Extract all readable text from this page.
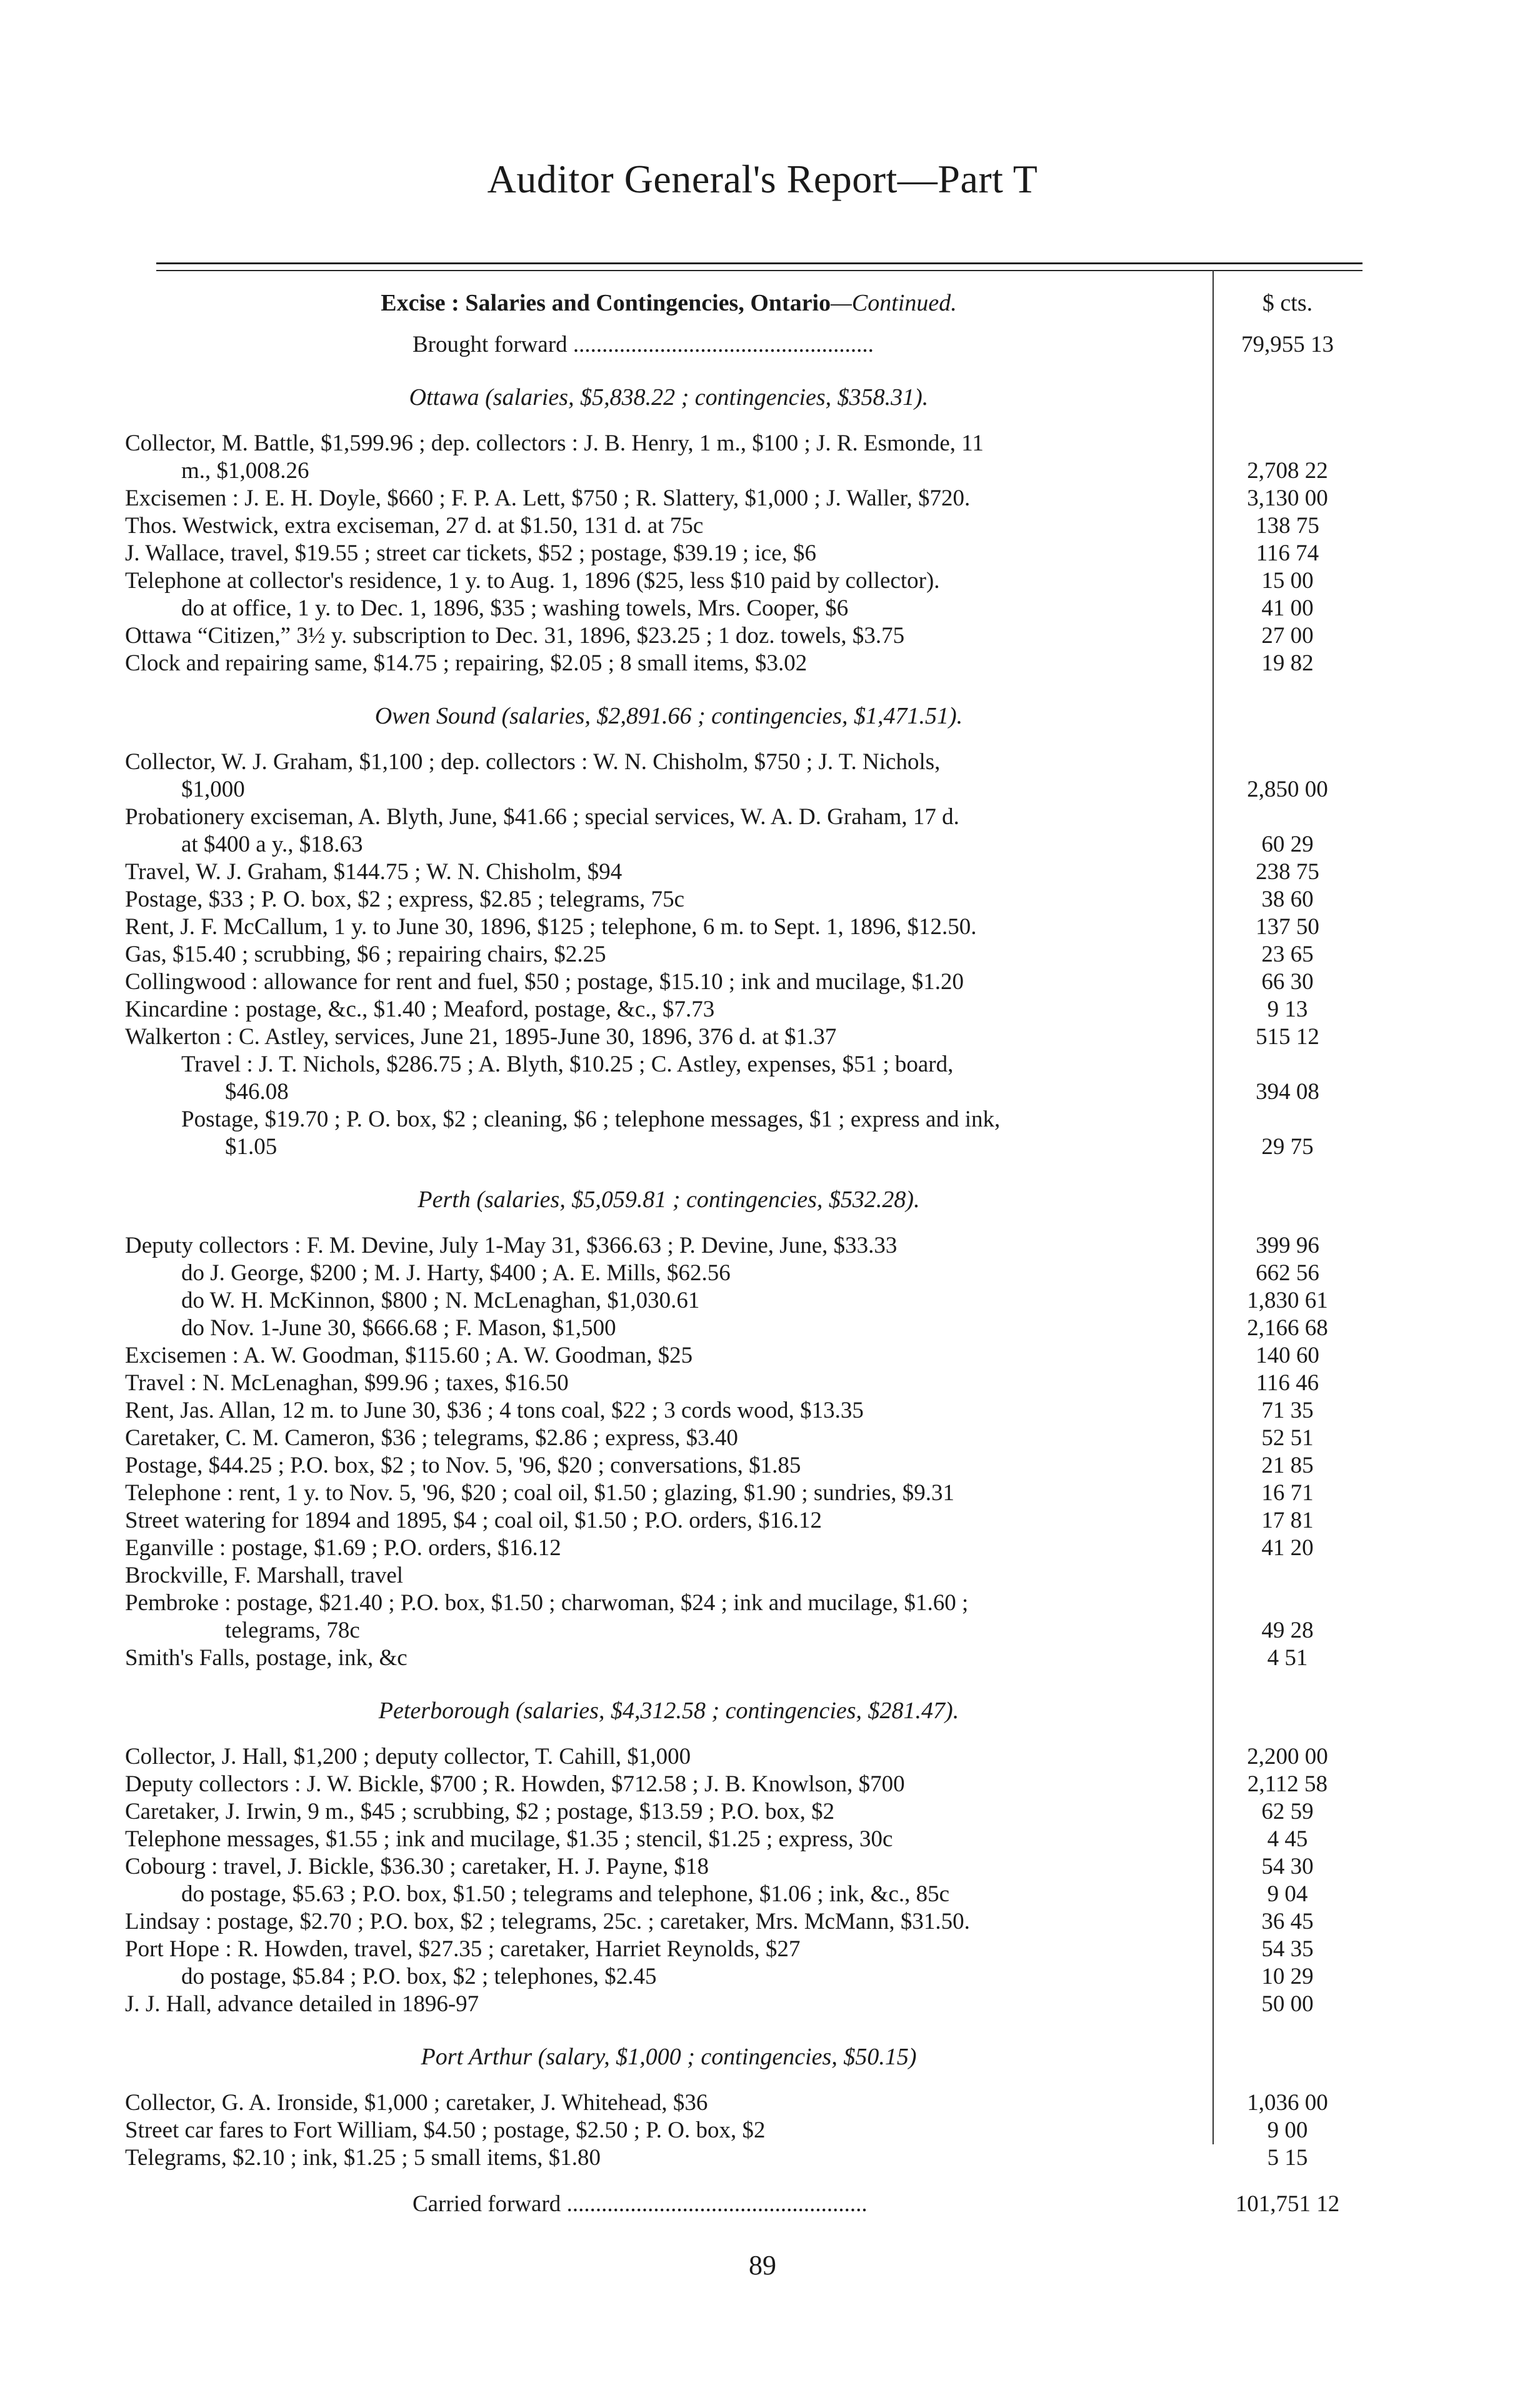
Auditor General's Report—Part T
Excise : Salaries and Contingencies, Ontario—Continued.	$ cts.
Brought forward ....................................................	79,955 13
Ottawa (salaries, $5,838.22 ; contingencies, $358.31).
Collector, M. Battle, $1,599.96 ; dep. collectors : J. B. Henry, 1 m., $100 ; J. R. Esmonde, 11
m., $1,008.26	2,708 22
Excisemen : J. E. H. Doyle, $660 ; F. P. A. Lett, $750 ; R. Slattery, $1,000 ; J. Waller, $720.	3,130 00
Thos. Westwick, extra exciseman, 27 d. at $1.50, 131 d. at 75c	138 75
J. Wallace, travel, $19.55 ; street car tickets, $52 ; postage, $39.19 ; ice, $6	116 74
Telephone at collector's residence, 1 y. to Aug. 1, 1896 ($25, less $10 paid by collector).	15 00
do at office, 1 y. to Dec. 1, 1896, $35 ; washing towels, Mrs. Cooper, $6	41 00
Ottawa “Citizen,” 3½ y. subscription to Dec. 31, 1896, $23.25 ; 1 doz. towels, $3.75	27 00
Clock and repairing same, $14.75 ; repairing, $2.05 ; 8 small items, $3.02	19 82
Owen Sound (salaries, $2,891.66 ; contingencies, $1,471.51).
Collector, W. J. Graham, $1,100 ; dep. collectors : W. N. Chisholm, $750 ; J. T. Nichols,
$1,000	2,850 00
Probationery exciseman, A. Blyth, June, $41.66 ; special services, W. A. D. Graham, 17 d.
at $400 a y., $18.63	60 29
Travel, W. J. Graham, $144.75 ; W. N. Chisholm, $94	238 75
Postage, $33 ; P. O. box, $2 ; express, $2.85 ; telegrams, 75c	38 60
Rent, J. F. McCallum, 1 y. to June 30, 1896, $125 ; telephone, 6 m. to Sept. 1, 1896, $12.50.	137 50
Gas, $15.40 ; scrubbing, $6 ; repairing chairs, $2.25	23 65
Collingwood : allowance for rent and fuel, $50 ; postage, $15.10 ; ink and mucilage, $1.20	66 30
Kincardine : postage, &c., $1.40 ; Meaford, postage, &c., $7.73	9 13
Walkerton : C. Astley, services, June 21, 1895-June 30, 1896, 376 d. at $1.37	515 12
Travel : J. T. Nichols, $286.75 ; A. Blyth, $10.25 ; C. Astley, expenses, $51 ; board,
$46.08	394 08
Postage, $19.70 ; P. O. box, $2 ; cleaning, $6 ; telephone messages, $1 ; express and ink,
$1.05	29 75
Perth (salaries, $5,059.81 ; contingencies, $532.28).
Deputy collectors : F. M. Devine, July 1-May 31, $366.63 ; P. Devine, June, $33.33	399 96
do J. George, $200 ; M. J. Harty, $400 ; A. E. Mills, $62.56	662 56
do W. H. McKinnon, $800 ; N. McLenaghan, $1,030.61	1,830 61
do Nov. 1-June 30, $666.68 ; F. Mason, $1,500	2,166 68
Excisemen : A. W. Goodman, $115.60 ; A. W. Goodman, $25	140 60
Travel : N. McLenaghan, $99.96 ; taxes, $16.50	116 46
Rent, Jas. Allan, 12 m. to June 30, $36 ; 4 tons coal, $22 ; 3 cords wood, $13.35	71 35
Caretaker, C. M. Cameron, $36 ; telegrams, $2.86 ; express, $3.40	52 51
Postage, $44.25 ; P.O. box, $2 ; to Nov. 5, '96, $20 ; conversations, $1.85	21 85
Telephone : rent, 1 y. to Nov. 5, '96, $20 ; coal oil, $1.50 ; glazing, $1.90 ; sundries, $9.31	16 71
Street watering for 1894 and 1895, $4 ; coal oil, $1.50 ; P.O. orders, $16.12	17 81
Eganville : postage, $1.69 ; P.O. orders, $16.12	41 20
Brockville, F. Marshall, travel
Pembroke : postage, $21.40 ; P.O. box, $1.50 ; charwoman, $24 ; ink and mucilage, $1.60 ;
telegrams, 78c	49 28
Smith's Falls, postage, ink, &c	4 51
Peterborough (salaries, $4,312.58 ; contingencies, $281.47).
Collector, J. Hall, $1,200 ; deputy collector, T. Cahill, $1,000	2,200 00
Deputy collectors : J. W. Bickle, $700 ; R. Howden, $712.58 ; J. B. Knowlson, $700	2,112 58
Caretaker, J. Irwin, 9 m., $45 ; scrubbing, $2 ; postage, $13.59 ; P.O. box, $2	62 59
Telephone messages, $1.55 ; ink and mucilage, $1.35 ; stencil, $1.25 ; express, 30c	4 45
Cobourg : travel, J. Bickle, $36.30 ; caretaker, H. J. Payne, $18	54 30
do postage, $5.63 ; P.O. box, $1.50 ; telegrams and telephone, $1.06 ; ink, &c., 85c	9 04
Lindsay : postage, $2.70 ; P.O. box, $2 ; telegrams, 25c. ; caretaker, Mrs. McMann, $31.50.	36 45
Port Hope : R. Howden, travel, $27.35 ; caretaker, Harriet Reynolds, $27	54 35
do postage, $5.84 ; P.O. box, $2 ; telephones, $2.45	10 29
J. J. Hall, advance detailed in 1896-97	50 00
Port Arthur (salary, $1,000 ; contingencies, $50.15)
Collector, G. A. Ironside, $1,000 ; caretaker, J. Whitehead, $36	1,036 00
Street car fares to Fort William, $4.50 ; postage, $2.50 ; P. O. box, $2	9 00
Telegrams, $2.10 ; ink, $1.25 ; 5 small items, $1.80	5 15
Carried forward ....................................................	101,751 12
89
